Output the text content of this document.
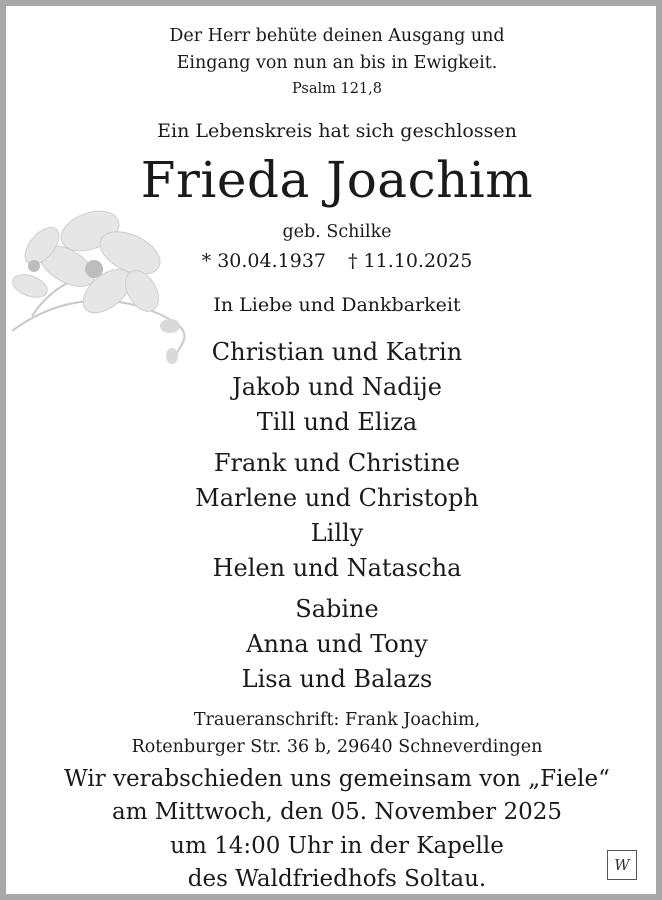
Der Herr behüte deinen Ausgang und
Eingang von nun an bis in Ewigkeit.
Psalm 121,8
Ein Lebenskreis hat sich geschlossen
Frieda Joachim
geb. Schilke
* 30.04.1937 † 11.10.2025
In Liebe und Dankbarkeit
Christian und Katrin
Jakob und Nadije
Till und Eliza
Frank und Christine
Marlene und Christoph
Lilly
Helen und Natascha
Sabine
Anna und Tony
Lisa und Balazs
Traueranschrift: Frank Joachim,
Rotenburger Str. 36 b, 29640 Schneverdingen
Wir verabschieden uns gemeinsam von „Fiele“
am Mittwoch, den 05. November 2025
um 14:00 Uhr in der Kapelle
des Waldfriedhofs Soltau.
W
